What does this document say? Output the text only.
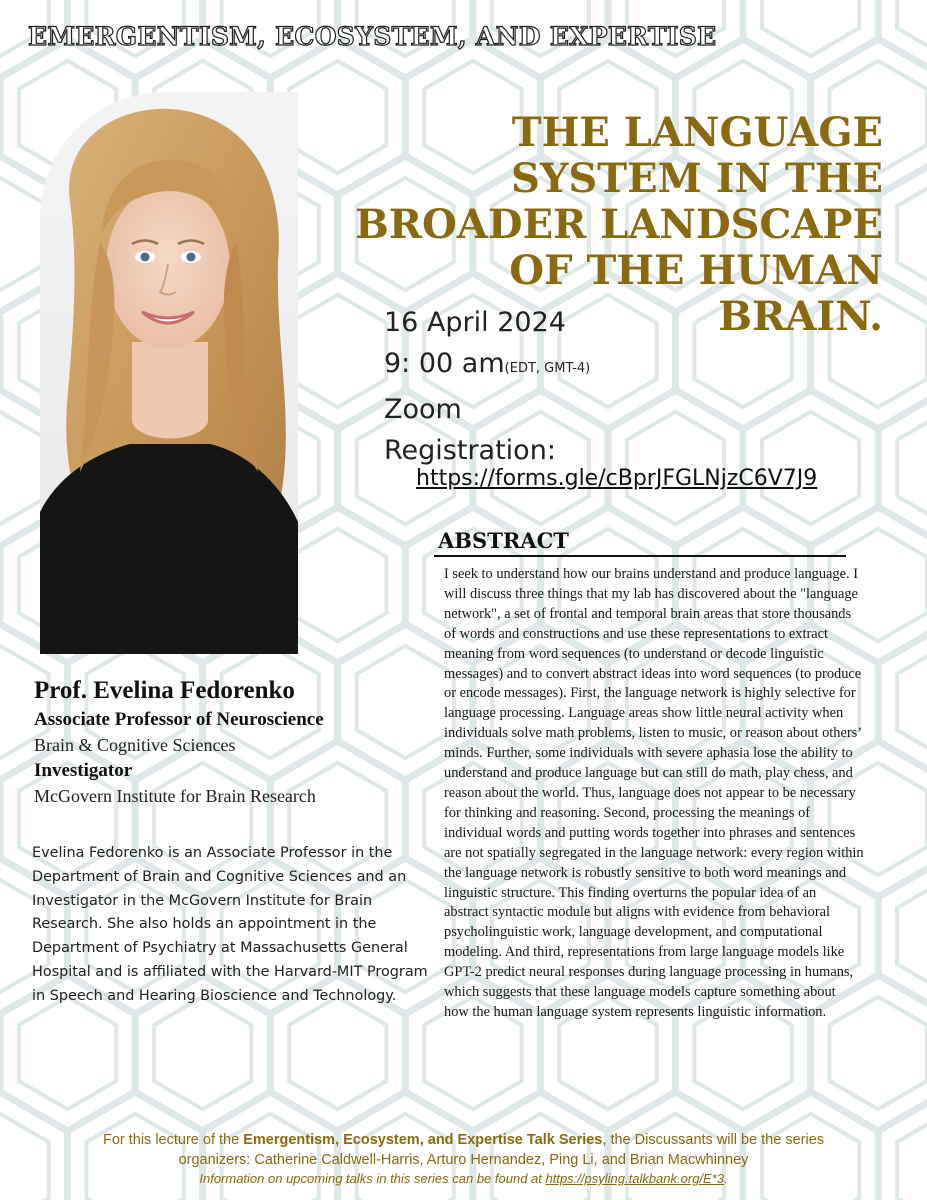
EMERGENTISM, ECOSYSTEM, AND EXPERTISE
THE LANGUAGE SYSTEM IN THE BROADER LANDSCAPE OF THE HUMAN BRAIN.
16 April 2024
9: 00 am(EDT, GMT-4)
Zoom
Registration:
https://forms.gle/cBprJFGLNjzC6V7J9
ABSTRACT
I seek to understand how our brains understand and produce language. I will discuss three things that my lab has discovered about the "language network", a set of frontal and temporal brain areas that store thousands of words and constructions and use these representations to extract meaning from word sequences (to understand or decode linguistic messages) and to convert abstract ideas into word sequences (to produce or encode messages). First, the language network is highly selective for language processing. Language areas show little neural activity when individuals solve math problems, listen to music, or reason about others’ minds. Further, some individuals with severe aphasia lose the ability to understand and produce language but can still do math, play chess, and reason about the world. Thus, language does not appear to be necessary for thinking and reasoning. Second, processing the meanings of individual words and putting words together into phrases and sentences are not spatially segregated in the language network: every region within the language network is robustly sensitive to both word meanings and linguistic structure. This finding overturns the popular idea of an abstract syntactic module but aligns with evidence from behavioral psycholinguistic work, language development, and computational modeling. And third, representations from large language models like GPT-2 predict neural responses during language processing in humans, which suggests that these language models capture something about how the human language system represents linguistic information.
Prof. Evelina Fedorenko
Associate Professor of Neuroscience
Brain & Cognitive Sciences
Investigator
McGovern Institute for Brain Research
Evelina Fedorenko is an Associate Professor in the Department of Brain and Cognitive Sciences and an Investigator in the McGovern Institute for Brain Research. She also holds an appointment in the Department of Psychiatry at Massachusetts General Hospital and is affiliated with the Harvard-MIT Program in Speech and Hearing Bioscience and Technology.
For this lecture of the Emergentism, Ecosystem, and Expertise Talk Series, the Discussants will be the series
organizers: Catherine Caldwell-Harris, Arturo Hernandez, Ping Li, and Brian Macwhinney
Information on upcoming talks in this series can be found at https://psyling.talkbank.org/E*3.
